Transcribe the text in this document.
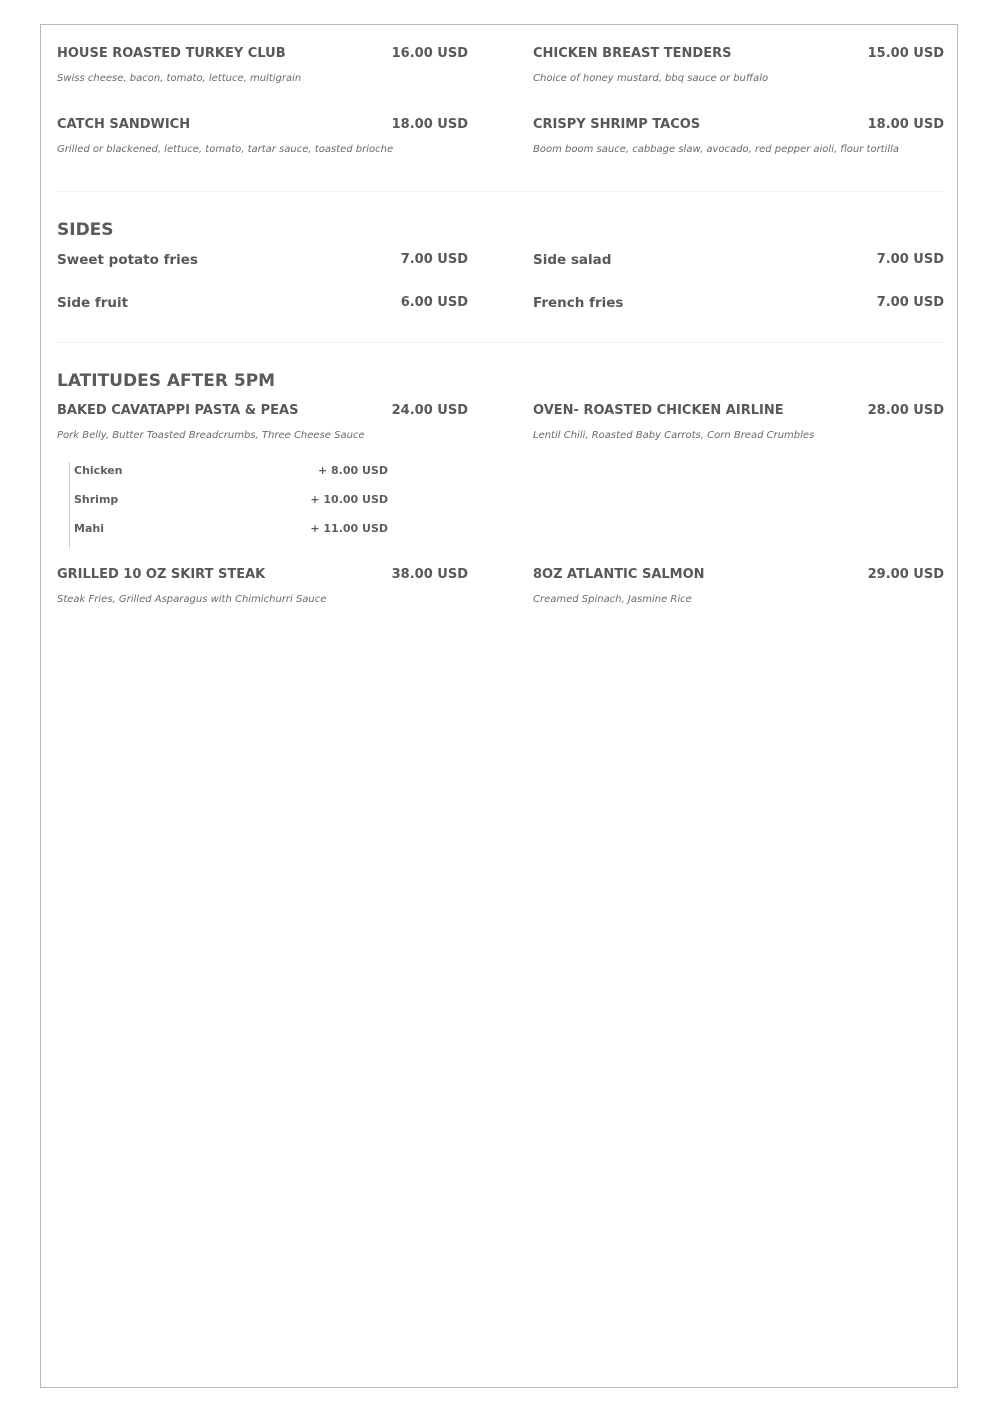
HOUSE ROASTED TURKEY CLUB	16.00 USD
Swiss cheese, bacon, tomato, lettuce, multigrain
CHICKEN BREAST TENDERS	15.00 USD
Choice of honey mustard, bbq sauce or buffalo
CATCH SANDWICH	18.00 USD
Grilled or blackened, lettuce, tomato, tartar sauce, toasted brioche
CRISPY SHRIMP TACOS	18.00 USD
Boom boom sauce, cabbage slaw, avocado, red pepper aioli, flour tortilla
SIDES
Sweet potato fries	7.00 USD	Side salad	7.00 USD
Side fruit	6.00 USD	French fries	7.00 USD
LATITUDES AFTER 5PM
BAKED CAVATAPPI PASTA & PEAS	24.00 USD
Pork Belly, Butter Toasted Breadcrumbs, Three Cheese Sauce
OVEN- ROASTED CHICKEN AIRLINE	28.00 USD
Lentil Chili, Roasted Baby Carrots, Corn Bread Crumbles
Chicken	+ 8.00 USD
Shrimp	+ 10.00 USD
Mahi	+ 11.00 USD
GRILLED 10 OZ SKIRT STEAK	38.00 USD
Steak Fries, Grilled Asparagus with Chimichurri Sauce
8OZ ATLANTIC SALMON	29.00 USD
Creamed Spinach, Jasmine Rice
